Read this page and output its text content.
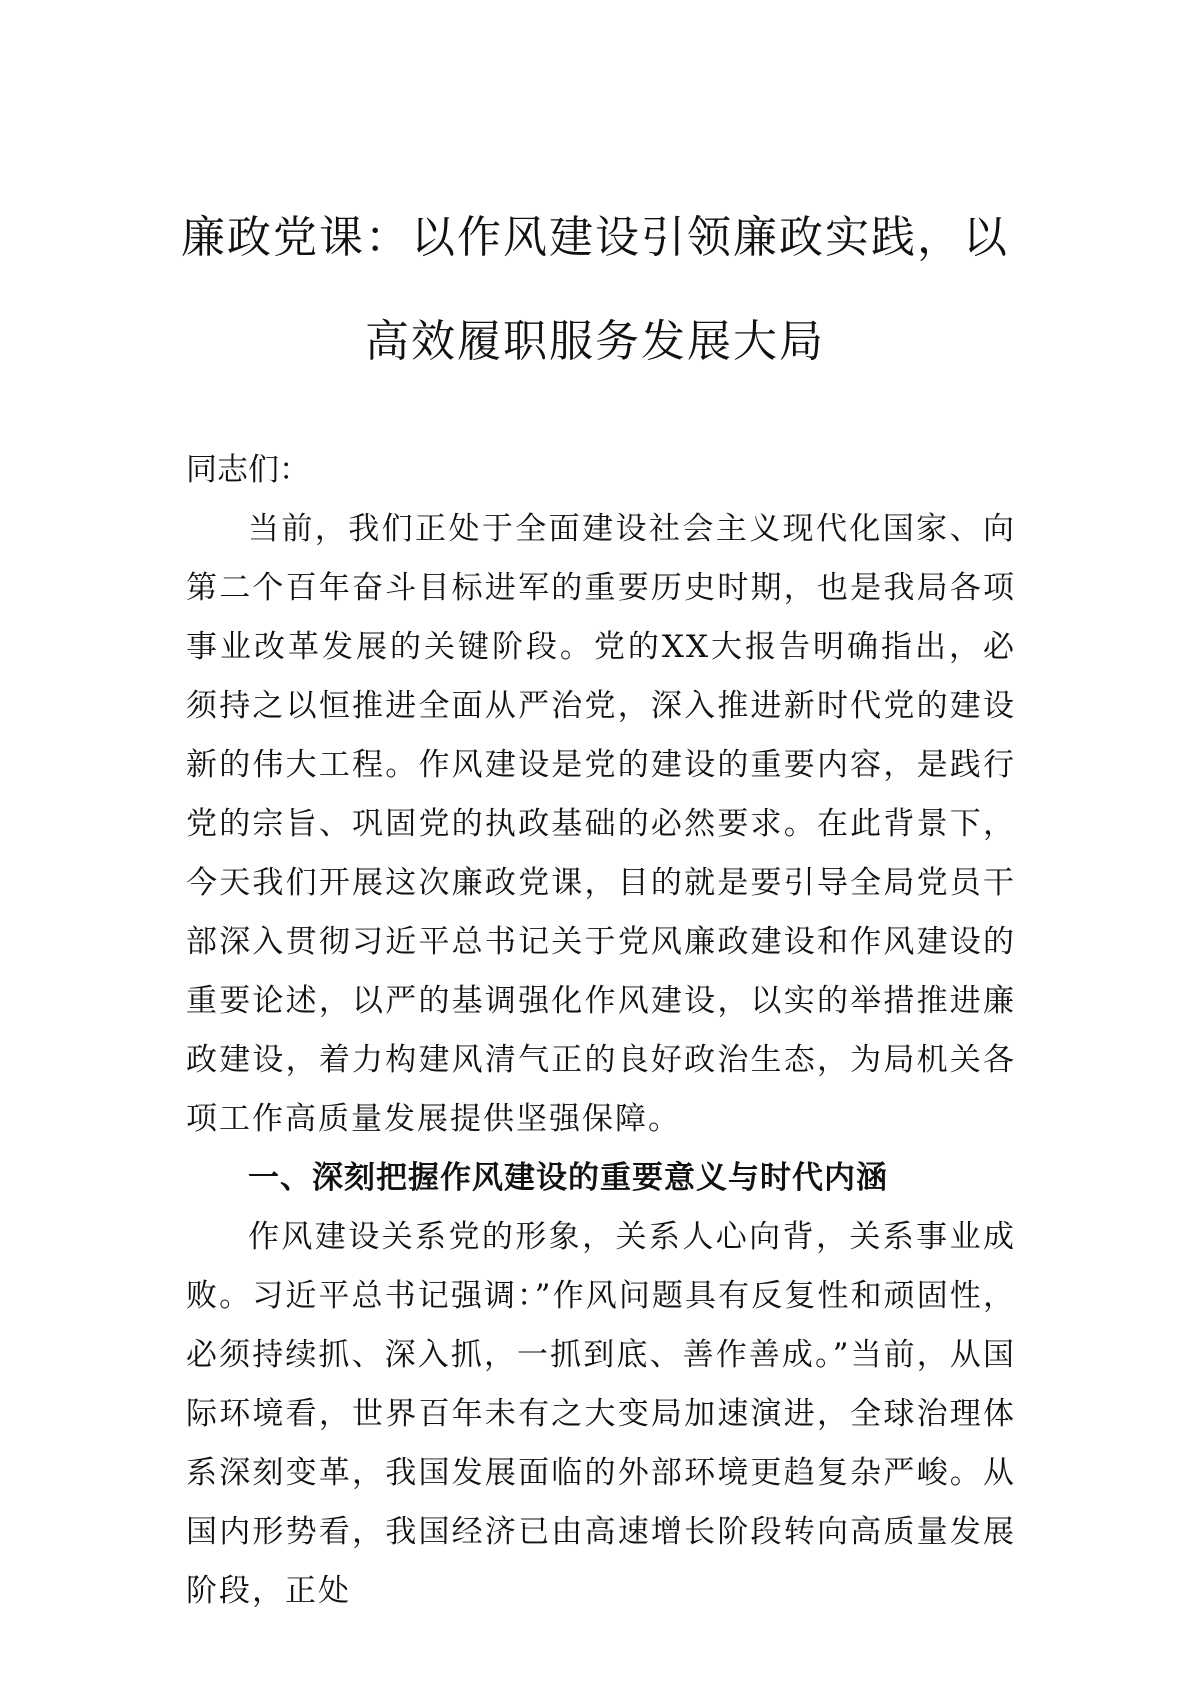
廉政党课：以作风建设引领廉政实践，以高效履职服务发展大局

同志们：

当前，我们正处于全面建设社会主义现代化国家、向第二个百年奋斗目标进军的重要历史时期，也是我局各项事业改革发展的关键阶段。党的XX大报告明确指出，必须持之以恒推进全面从严治党，深入推进新时代党的建设新的伟大工程。作风建设是党的建设的重要内容，是践行党的宗旨、巩固党的执政基础的必然要求。在此背景下，今天我们开展这次廉政党课，目的就是要引导全局党员干部深入贯彻习近平总书记关于党风廉政建设和作风建设的重要论述，以严的基调强化作风建设，以实的举措推进廉政建设，着力构建风清气正的良好政治生态，为局机关各项工作高质量发展提供坚强保障。

一、深刻把握作风建设的重要意义与时代内涵

作风建设关系党的形象，关系人心向背，关系事业成败。习近平总书记强调：”作风问题具有反复性和顽固性，必须持续抓、深入抓，一抓到底、善作善成。”当前，从国际环境看，世界百年未有之大变局加速演进，全球治理体系深刻变革，我国发展面临的外部环境更趋复杂严峻。从国内形势看，我国经济已由高速增长阶段转向高质量发展阶段，正处
